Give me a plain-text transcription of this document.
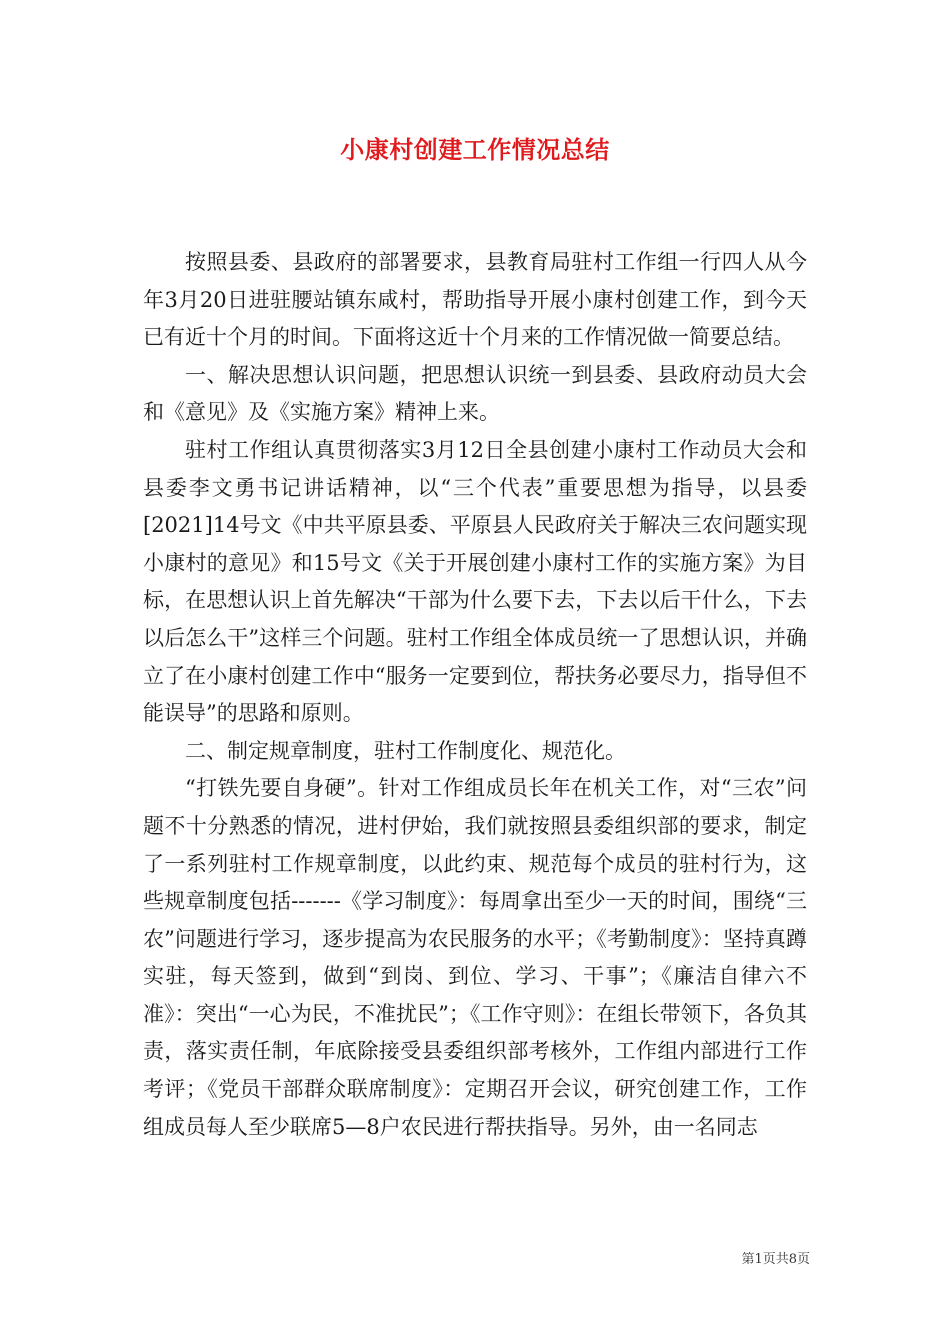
小康村创建工作情况总结

按照县委、县政府的部署要求，县教育局驻村工作组一行四人从今年3月20日进驻腰站镇东咸村，帮助指导开展小康村创建工作，到今天已有近十个月的时间。下面将这近十个月来的工作情况做一简要总结。

一、解决思想认识问题，把思想认识统一到县委、县政府动员大会和《意见》及《实施方案》精神上来。

驻村工作组认真贯彻落实3月12日全县创建小康村工作动员大会和县委李文勇书记讲话精神，以“三个代表”重要思想为指导，以县委[2021]14号文《中共平原县委、平原县人民政府关于解决三农问题实现小康村的意见》和15号文《关于开展创建小康村工作的实施方案》为目标，在思想认识上首先解决“干部为什么要下去，下去以后干什么，下去以后怎么干”这样三个问题。驻村工作组全体成员统一了思想认识，并确立了在小康村创建工作中“服务一定要到位，帮扶务必要尽力，指导但不能误导”的思路和原则。

二、制定规章制度，驻村工作制度化、规范化。

“打铁先要自身硬”。针对工作组成员长年在机关工作，对“三农”问题不十分熟悉的情况，进村伊始，我们就按照县委组织部的要求，制定了一系列驻村工作规章制度，以此约束、规范每个成员的驻村行为，这些规章制度包括-------《学习制度》：每周拿出至少一天的时间，围绕“三农”问题进行学习，逐步提高为农民服务的水平；《考勤制度》：坚持真蹲实驻，每天签到，做到“到岗、到位、学习、干事”；《廉洁自律六不准》：突出“一心为民，不准扰民”；《工作守则》：在组长带领下，各负其责，落实责任制，年底除接受县委组织部考核外，工作组内部进行工作考评；《党员干部群众联席制度》：定期召开会议，研究创建工作，工作组成员每人至少联席5—8户农民进行帮扶指导。另外，由一名同志

第1页共8页
